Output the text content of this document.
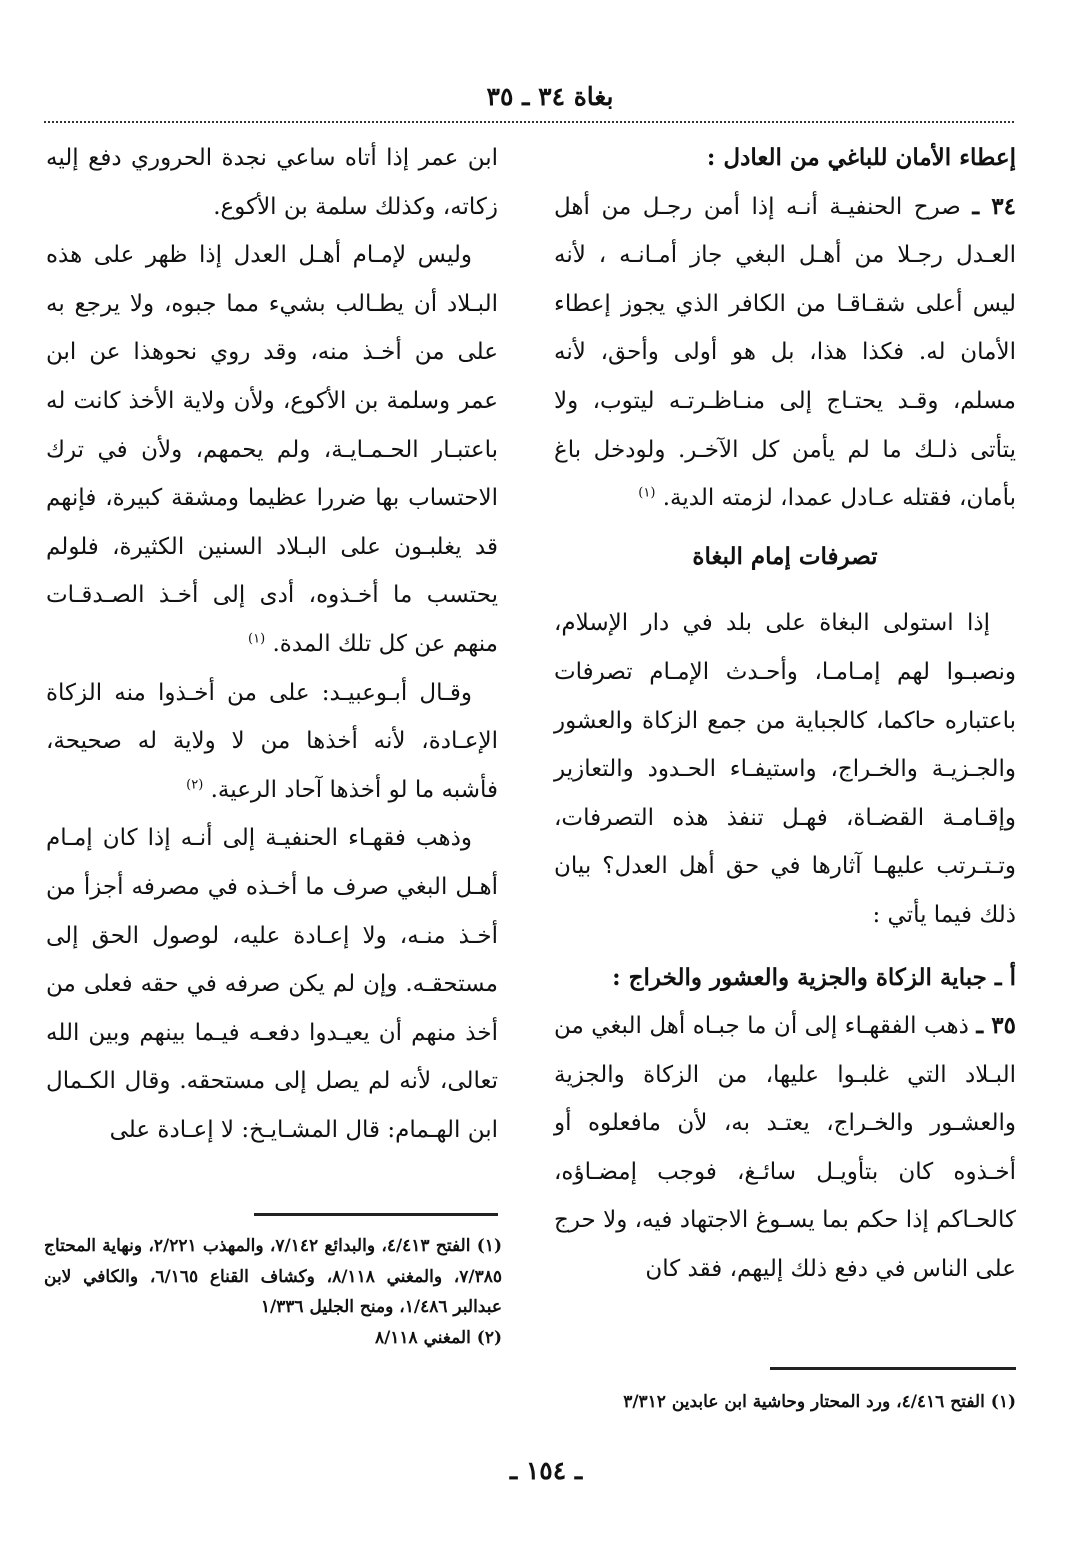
بغاة ٣٤ ـ ٣٥

إعطاء الأمان للباغي من العادل :

٣٤ ـ صرح الحنفيـة أنـه إذا أمن رجـل من أهل العـدل رجـلا من أهـل البغي جاز أمـانـه ، لأنه ليس أعلى شقـاقـا من الكافر الذي يجوز إعطاء الأمان له. فكذا هذا، بل هو أولى وأحق، لأنه مسلم، وقـد يحتـاج إلى منـاظـرتـه ليتوب، ولا يتأتى ذلـك ما لم يأمن كل الآخـر. ولودخل باغ بأمان، فقتله عـادل عمدا، لزمته الدية. $^{(١)}$

تصرفات إمام البغاة

إذا استولى البغاة على بلد في دار الإسلام، ونصبـوا لهم إمـامـا، وأحـدث الإمـام تصرفات باعتباره حاكما، كالجباية من جمع الزكاة والعشور والجـزيـة والخـراج، واستيفـاء الحـدود والتعازير وإقـامـة القضـاة، فهـل تنفذ هذه التصرفات، وتـتـرتب عليهـا آثارها في حق أهل العدل؟ بيان ذلك فيما يأتي :

أ ـ جباية الزكاة والجزية والعشور والخراج :

٣٥ ـ ذهب الفقهـاء إلى أن ما جبـاه أهل البغي من البـلاد التي غلبـوا عليها، من الزكاة والجزية والعشـور والخـراج، يعتـد به، لأن مافعلوه أو أخـذوه كان بتأويـل سائـغ، فوجب إمضـاؤه، كالحـاكم إذا حكم بما يسـوغ الاجتهاد فيه، ولا حرج على الناس في دفع ذلك إليهم، فقد كان

ابن عمر إذا أتاه ساعي نجدة الحروري دفع إليه زكاته، وكذلك سلمة بن الأكوع.

وليس لإمـام أهـل العدل إذا ظهر على هذه البـلاد أن يطـالب بشيء مما جبوه، ولا يرجع به على من أخـذ منه، وقد روي نحوهذا عن ابن عمر وسلمة بن الأكوع، ولأن ولاية الأخذ كانت له باعتبـار الحـمـايـة، ولم يحمهم، ولأن في ترك الاحتساب بها ضررا عظيما ومشقة كبيرة، فإنهم قد يغلبـون على البـلاد السنين الكثيرة، فلولم يحتسب ما أخـذوه، أدى إلى أخـذ الصـدقـات منهم عن كل تلك المدة. $^{(١)}$

وقـال أبـوعبيـد: على من أخـذوا منه الزكاة الإعـادة، لأنه أخذها من لا ولاية له صحيحة، فأشبه ما لو أخذها آحاد الرعية. $^{(٢)}$

وذهب فقهـاء الحنفيـة إلى أنـه إذا كان إمـام أهـل البغي صرف ما أخـذه في مصرفه أجزأ من أخـذ منـه، ولا إعـادة عليه، لوصول الحق إلى مستحقـه. وإن لم يكن صرفه في حقه فعلى من أخذ منهم أن يعيـدوا دفعـه فيـما بينهم وبين الله تعالى، لأنه لم يصل إلى مستحقه. وقال الكـمال ابن الهـمام: قال المشـايـخ: لا إعـادة على

(١) الفتح ٤/٤١٣، والبدائع ٧/١٤٢، والمهذب ٢/٢٢١، ونهاية المحتاج ٧/٣٨٥، والمغني ٨/١١٨، وكشاف القناع ٦/١٦٥، والكافي لابن عبدالبر ١/٤٨٦، ومنح الجليل ١/٣٣٦

(٢) المغني ٨/١١٨

(١) الفتح ٤/٤١٦، ورد المحتار وحاشية ابن عابدين ٣/٣١٢

ـ ١٥٤ ـ
